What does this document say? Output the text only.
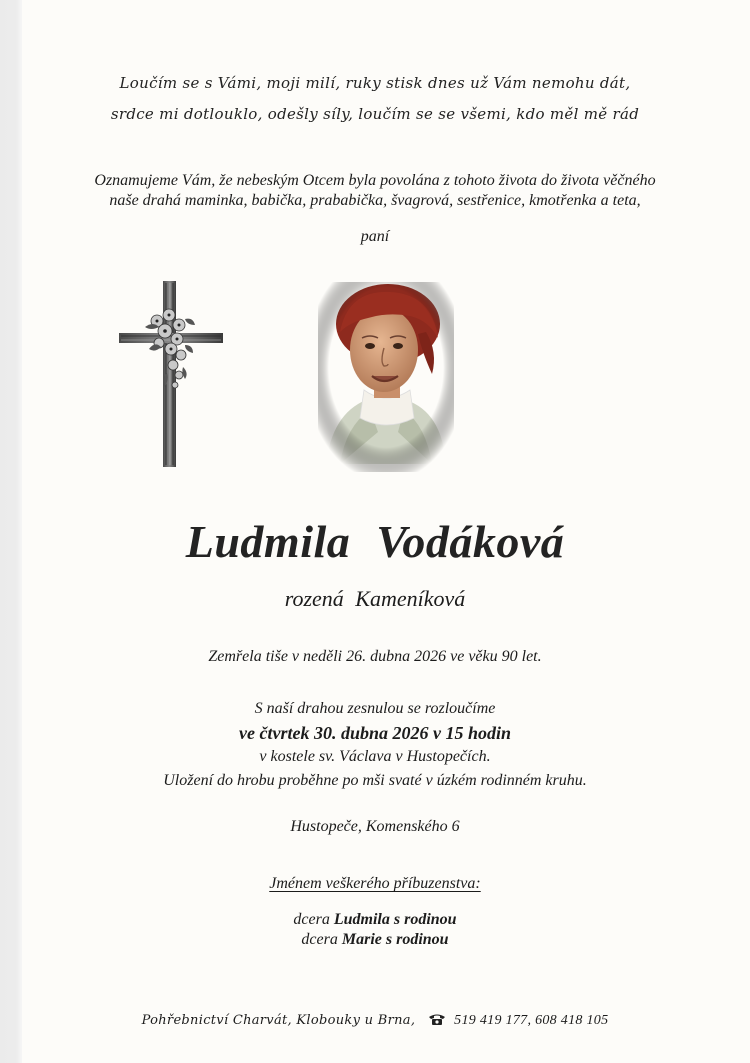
Loučím se s Vámi, moji milí, ruky stisk dnes už Vám nemohu dát,
srdce mi dotlouklo, odešly síly, loučím se se všemi, kdo měl mě rád
Oznamujeme Vám, že nebeským Otcem byla povolána z tohoto života do života věčného
naše drahá maminka, babička, prababička, švagrová, sestřenice, kmotřenka a teta,
paní
Ludmila Vodáková
rozená Kameníková
Zemřela tiše v neděli 26. dubna 2026 ve věku 90 let.
S naší drahou zesnulou se rozloučíme
ve čtvrtek 30. dubna 2026 v 15 hodin
v kostele sv. Václava v Hustopečích.
Uložení do hrobu proběhne po mši svaté v úzkém rodinném kruhu.
Hustopeče, Komenského 6
Jménem veškerého příbuzenstva:
dcera Ludmila s rodinou
dcera Marie s rodinou
Pohřebnictví Charvát, Klobouky u Brna,	519 419 177, 608 418 105
